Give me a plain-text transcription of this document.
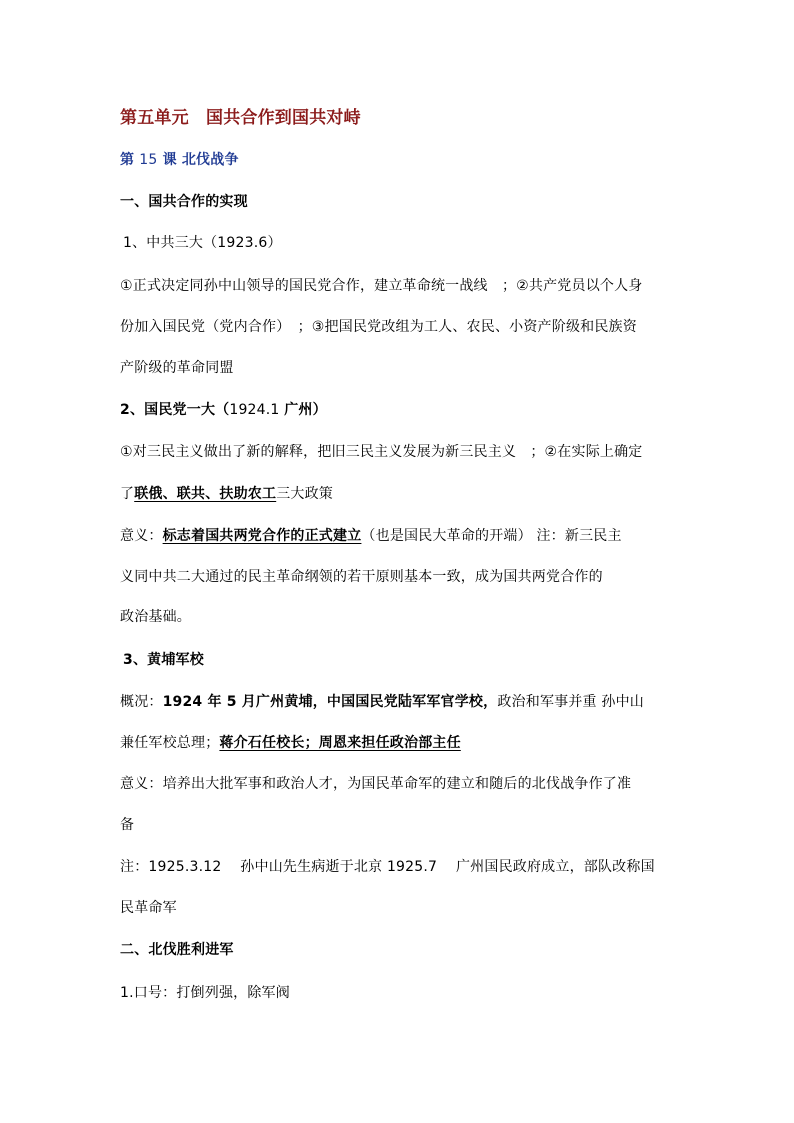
第五单元　国共合作到国共对峙
第 15 课 北伐战争
一、国共合作的实现
1、中共三大（1923.6）
①正式决定同孙中山领导的国民党合作，建立革命统一战线　；②共产党员以个人身
份加入国民党（党内合作）　；③把国民党改组为工人、农民、小资产阶级和民族资
产阶级的革命同盟
2、国民党一大（1924.1 广州）
①对三民主义做出了新的解释，把旧三民主义发展为新三民主义　；②在实际上确定
了联俄、联共、扶助农工三大政策
意义：标志着国共两党合作的正式建立（也是国民大革命的开端） 注：新三民主
义同中共二大通过的民主革命纲领的若干原则基本一致，成为国共两党合作的
政治基础。
3、黄埔军校
概况：1924 年 5 月广州黄埔，中国国民党陆军军官学校，政治和军事并重 孙中山
兼任军校总理；蒋介石任校长；周恩来担任政治部主任
意义：培养出大批军事和政治人才，为国民革命军的建立和随后的北伐战争作了准
备
注：1925.3.12　 孙中山先生病逝于北京 1925.7　 广州国民政府成立，部队改称国
民革命军
二、北伐胜利进军
1.口号：打倒列强，除军阀
